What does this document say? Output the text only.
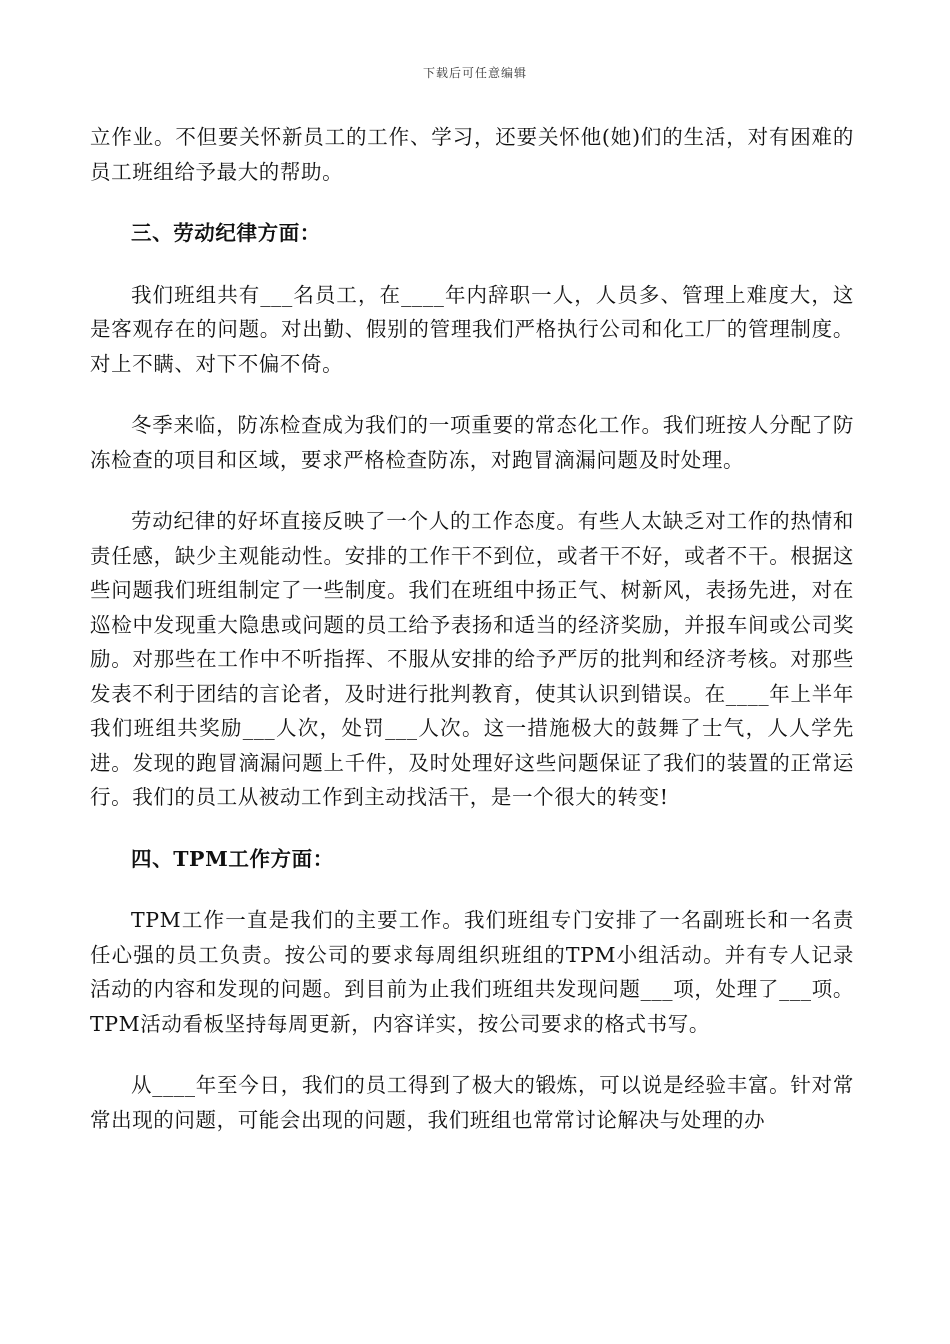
下载后可任意编辑

立作业。不但要关怀新员工的工作、学习，还要关怀他(她)们的生活，对有困难的员工班组给予最大的帮助。

三、劳动纪律方面：

我们班组共有___名员工，在____年内辞职一人，人员多、管理上难度大，这是客观存在的问题。对出勤、假别的管理我们严格执行公司和化工厂的管理制度。对上不瞒、对下不偏不倚。

冬季来临，防冻检查成为我们的一项重要的常态化工作。我们班按人分配了防冻检查的项目和区域，要求严格检查防冻，对跑冒滴漏问题及时处理。

劳动纪律的好坏直接反映了一个人的工作态度。有些人太缺乏对工作的热情和责任感，缺少主观能动性。安排的工作干不到位，或者干不好，或者不干。根据这些问题我们班组制定了一些制度。我们在班组中扬正气、树新风，表扬先进，对在巡检中发现重大隐患或问题的员工给予表扬和适当的经济奖励，并报车间或公司奖励。对那些在工作中不听指挥、不服从安排的给予严厉的批判和经济考核。对那些发表不利于团结的言论者，及时进行批判教育，使其认识到错误。在____年上半年我们班组共奖励___人次，处罚___人次。这一措施极大的鼓舞了士气，人人学先进。发现的跑冒滴漏问题上千件，及时处理好这些问题保证了我们的装置的正常运行。我们的员工从被动工作到主动找活干，是一个很大的转变!

四、TPM工作方面：

TPM工作一直是我们的主要工作。我们班组专门安排了一名副班长和一名责任心强的员工负责。按公司的要求每周组织班组的TPM小组活动。并有专人记录活动的内容和发现的问题。到目前为止我们班组共发现问题___项，处理了___项。TPM活动看板坚持每周更新，内容详实，按公司要求的格式书写。

从____年至今日，我们的员工得到了极大的锻炼，可以说是经验丰富。针对常常出现的问题，可能会出现的问题，我们班组也常常讨论解决与处理的办
